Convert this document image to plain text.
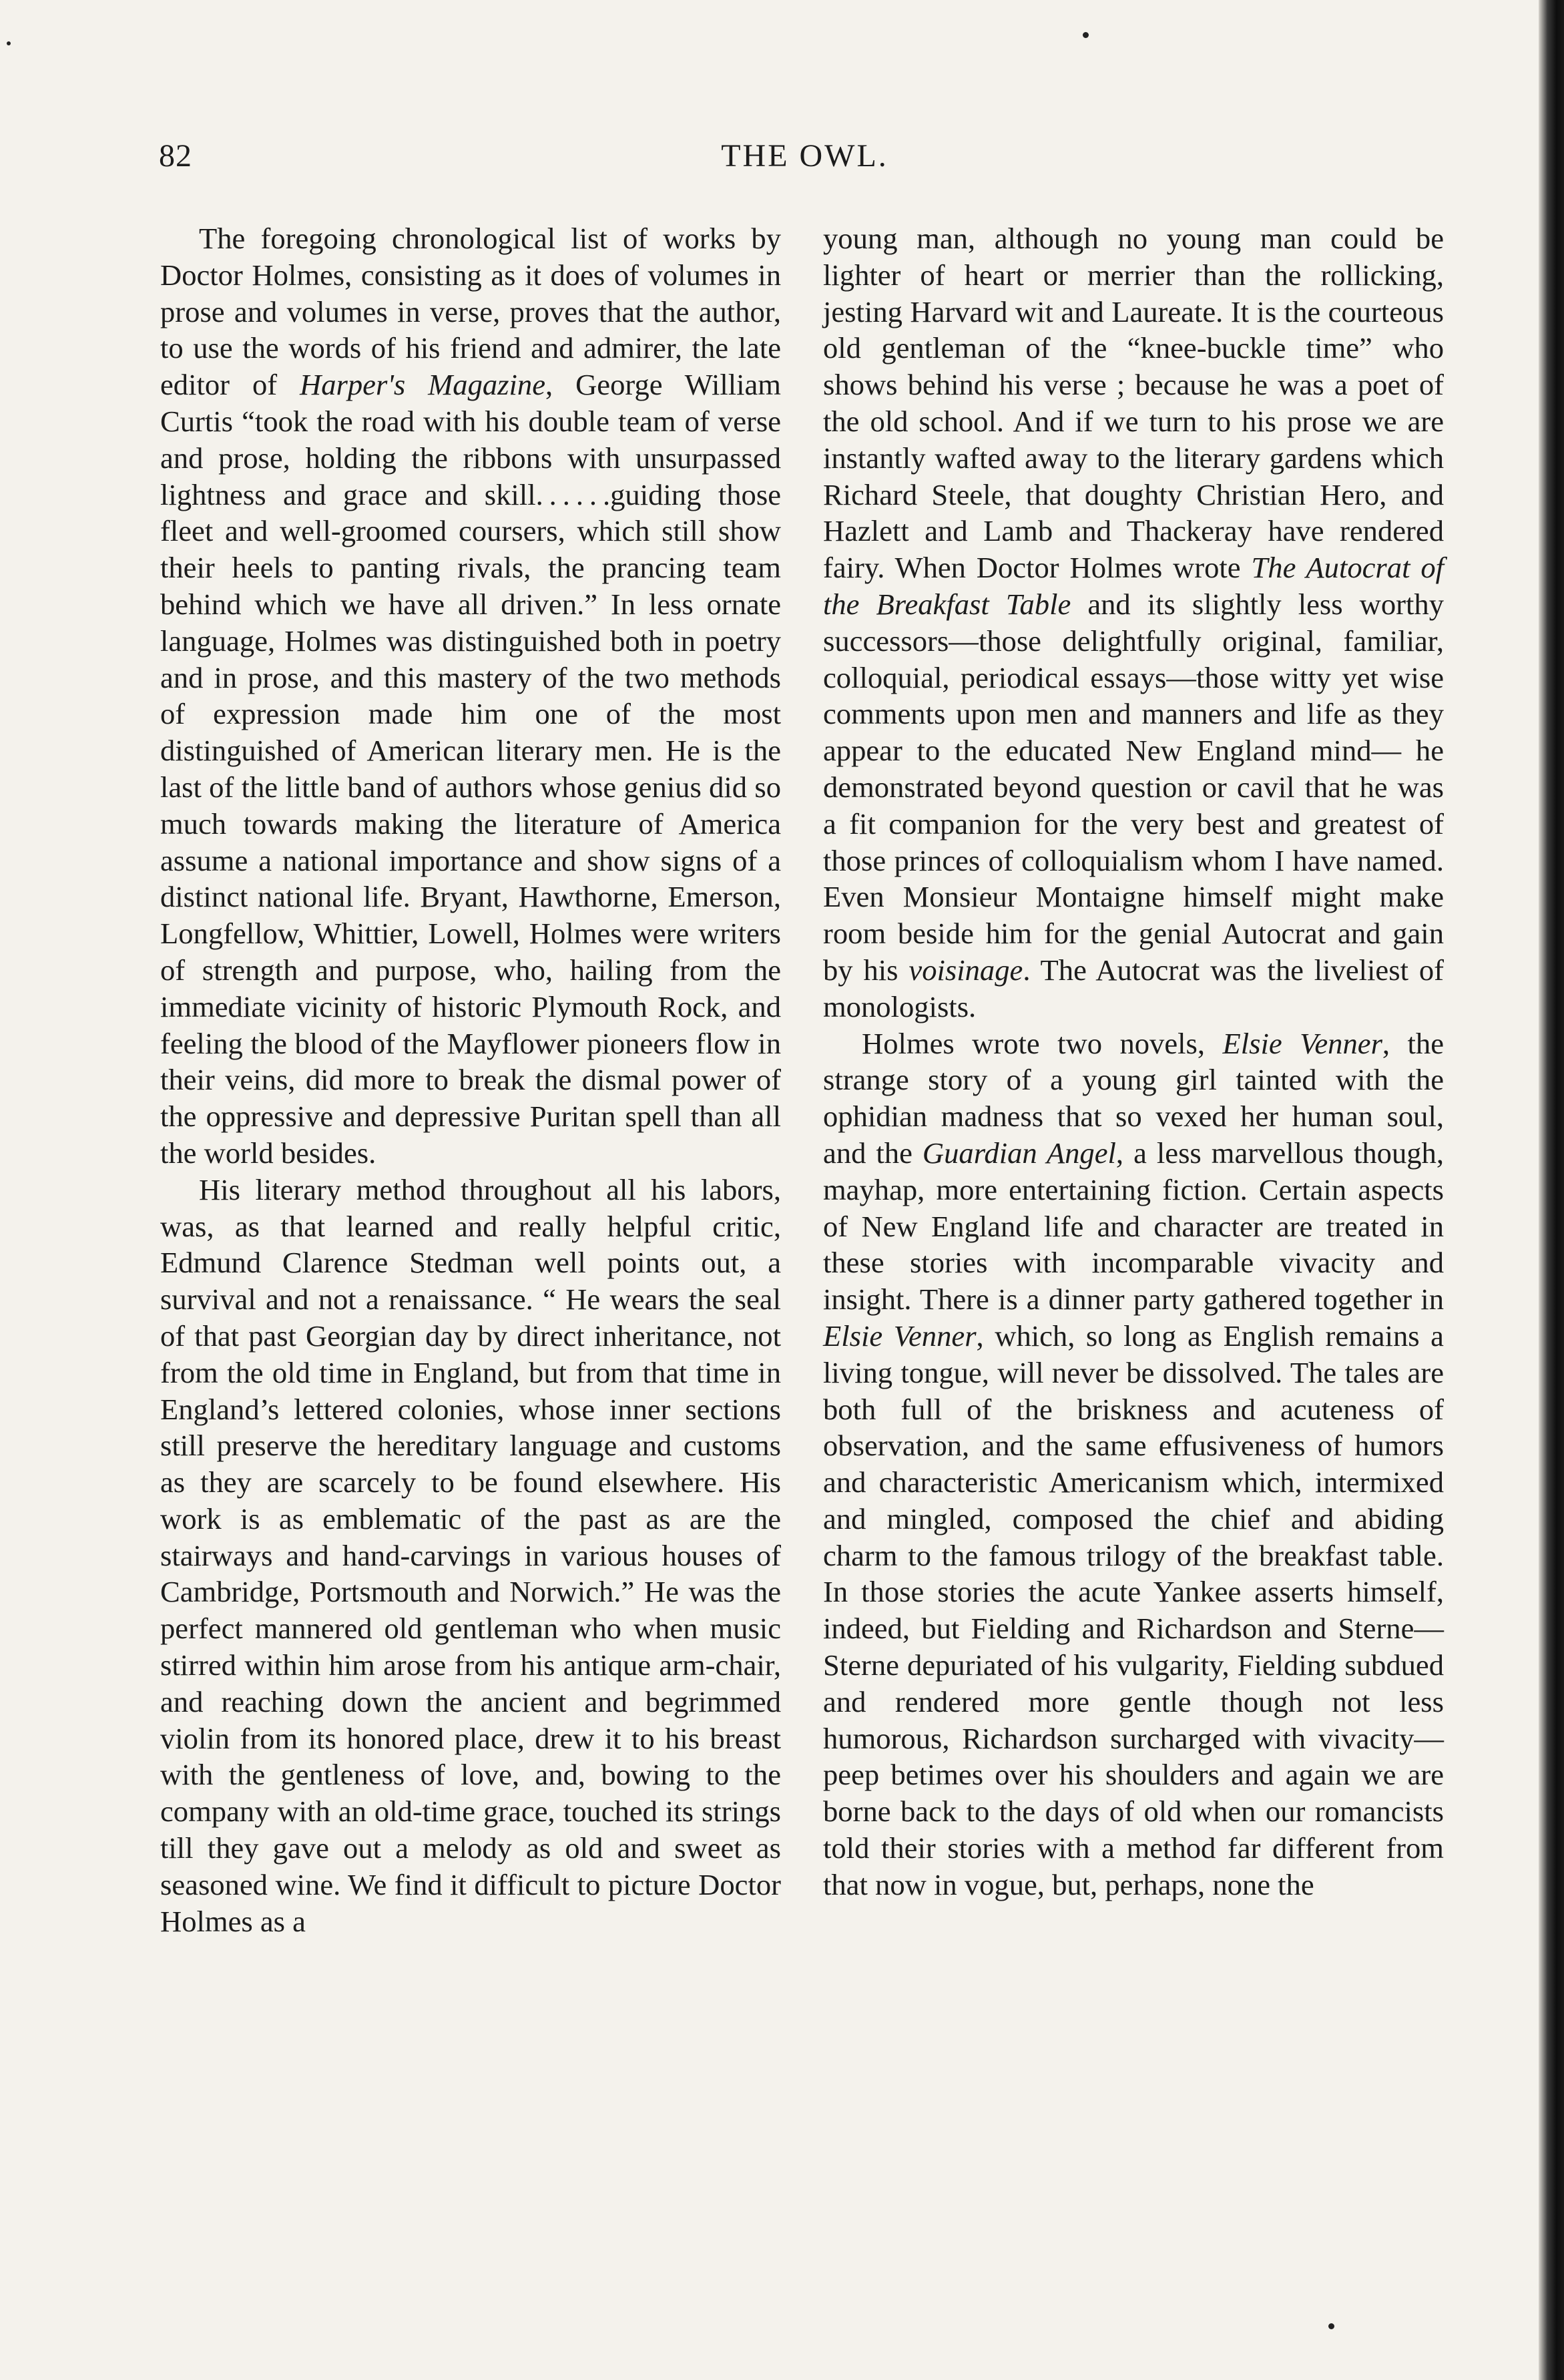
82	THE OWL.

The foregoing chronological list of works by Doctor Holmes, consisting as it does of volumes in prose and volumes in verse, proves that the author, to use the words of his friend and admirer, the late editor of Harper's Magazine, George William Curtis “took the road with his double team of verse and prose, holding the ribbons with unsurpassed lightness and grace and skill. . . . . .guiding those fleet and well-groomed coursers, which still show their heels to panting rivals, the prancing team behind which we have all driven.” In less ornate language, Holmes was distinguished both in poetry and in prose, and this mastery of the two methods of expression made him one of the most distinguished of American literary men. He is the last of the little band of authors whose genius did so much towards making the literature of America assume a national importance and show signs of a distinct national life. Bryant, Hawthorne, Emerson, Longfellow, Whittier, Lowell, Holmes were writers of strength and purpose, who, hailing from the immediate vicinity of historic Plymouth Rock, and feeling the blood of the Mayflower pioneers flow in their veins, did more to break the dismal power of the oppressive and depressive Puritan spell than all the world besides.

His literary method throughout all his labors, was, as that learned and really helpful critic, Edmund Clarence Stedman well points out, a survival and not a renaissance. “ He wears the seal of that past Georgian day by direct inheritance, not from the old time in England, but from that time in England’s lettered colonies, whose inner sections still preserve the hereditary language and customs as they are scarcely to be found elsewhere. His work is as emblematic of the past as are the stairways and hand-carvings in various houses of Cambridge, Portsmouth and Norwich.” He was the perfect mannered old gentleman who when music stirred within him arose from his antique arm-chair, and reaching down the ancient and begrimmed violin from its honored place, drew it to his breast with the gentleness of love, and, bowing to the company with an old-time grace, touched its strings till they gave out a melody as old and sweet as seasoned wine. We find it difficult to picture Doctor Holmes as a

young man, although no young man could be lighter of heart or merrier than the rollicking, jesting Harvard wit and Laureate. It is the courteous old gentleman of the “knee-buckle time” who shows behind his verse ; because he was a poet of the old school. And if we turn to his prose we are instantly wafted away to the literary gardens which Richard Steele, that doughty Christian Hero, and Hazlett and Lamb and Thackeray have rendered fairy. When Doctor Holmes wrote The Autocrat of the Breakfast Table and its slightly less worthy successors—those delightfully original, familiar, colloquial, periodical essays—those witty yet wise comments upon men and manners and life as they appear to the educated New England mind— he demonstrated beyond question or cavil that he was a fit companion for the very best and greatest of those princes of colloquialism whom I have named. Even Monsieur Montaigne himself might make room beside him for the genial Autocrat and gain by his voisinage. The Autocrat was the liveliest of monologists.

Holmes wrote two novels, Elsie Venner, the strange story of a young girl tainted with the ophidian madness that so vexed her human soul, and the Guardian Angel, a less marvellous though, mayhap, more entertaining fiction. Certain aspects of New England life and character are treated in these stories with incomparable vivacity and insight. There is a dinner party gathered together in Elsie Venner, which, so long as English remains a living tongue, will never be dissolved. The tales are both full of the briskness and acuteness of observation, and the same effusiveness of humors and characteristic Americanism which, intermixed and mingled, composed the chief and abiding charm to the famous trilogy of the breakfast table. In those stories the acute Yankee asserts himself, indeed, but Fielding and Richardson and Sterne—Sterne depuriated of his vulgarity, Fielding subdued and rendered more gentle though not less humorous, Richardson surcharged with vivacity—peep betimes over his shoulders and again we are borne back to the days of old when our romancists told their stories with a method far different from that now in vogue, but, perhaps, none the
